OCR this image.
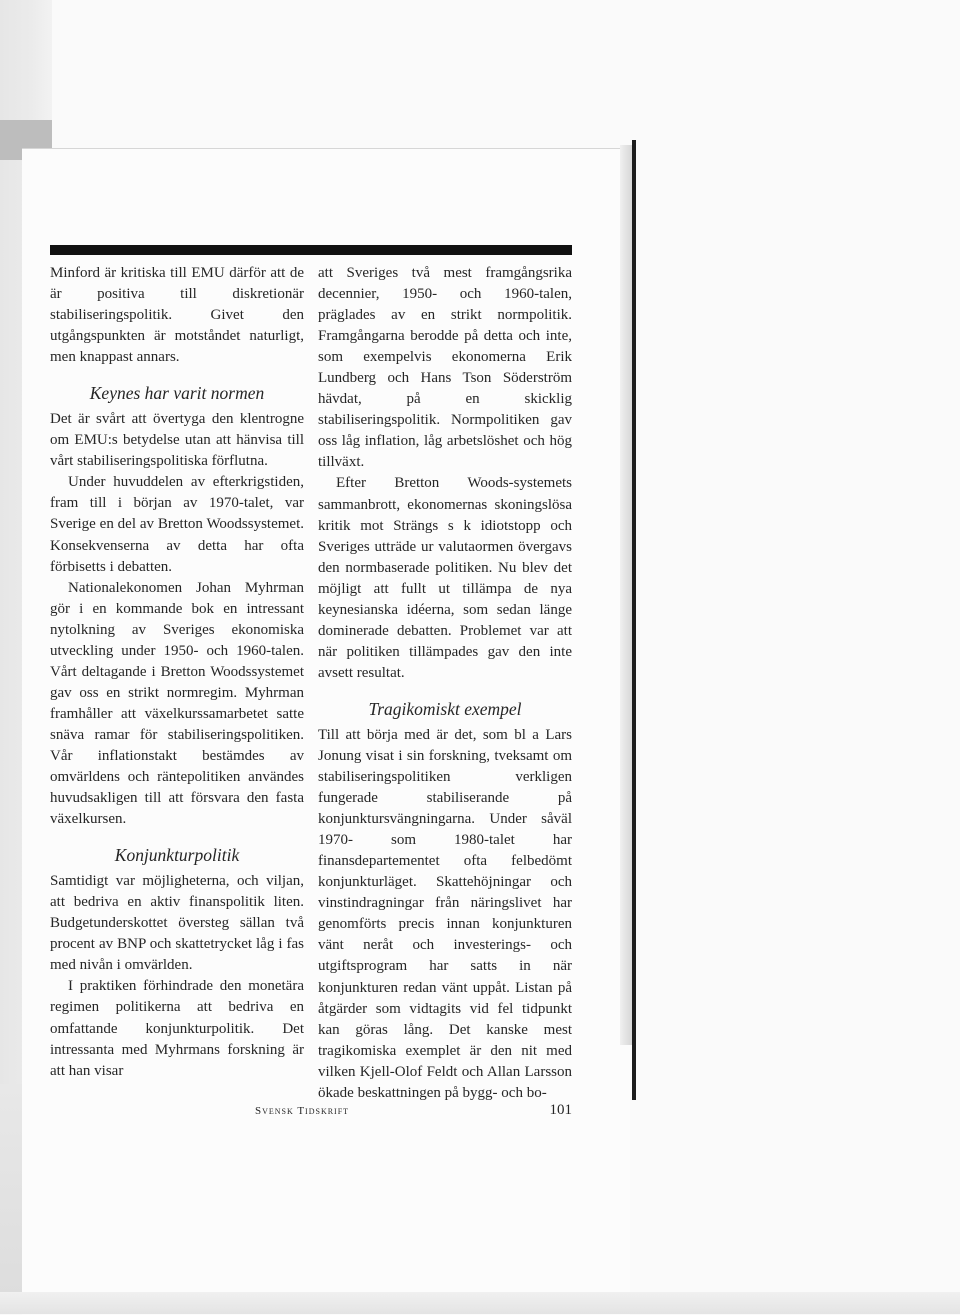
Minford är kritiska till EMU därför att de är positiva till diskretionär stabiliseringspolitik. Givet den utgångspunkten är motståndet naturligt, men knappast annars.

Keynes har varit normen

Det är svårt att övertyga den klentrogne om EMU:s betydelse utan att hänvisa till vårt stabiliseringspolitiska förflutna.

Under huvuddelen av efterkrigstiden, fram till i början av 1970-talet, var Sverige en del av Bretton Woodssystemet. Konsekvenserna av detta har ofta förbisetts i debatten.

Nationalekonomen Johan Myhrman gör i en kommande bok en intressant nytolkning av Sveriges ekonomiska utveckling under 1950- och 1960-talen. Vårt deltagande i Bretton Woodssystemet gav oss en strikt normregim. Myhrman framhåller att växelkurssamarbetet satte snäva ramar för stabiliseringspolitiken. Vår inflationstakt bestämdes av omvärldens och räntepolitiken användes huvudsakligen till att försvara den fasta växelkursen.

Konjunkturpolitik

Samtidigt var möjligheterna, och viljan, att bedriva en aktiv finanspolitik liten. Budgetunderskottet översteg sällan två procent av BNP och skattetrycket låg i fas med nivån i omvärlden.

I praktiken förhindrade den monetära regimen politikerna att bedriva en omfattande konjunkturpolitik. Det intressanta med Myhrmans forskning är att han visar

att Sveriges två mest framgångsrika decennier, 1950- och 1960-talen, präglades av en strikt normpolitik. Framgångarna berodde på detta och inte, som exempelvis ekonomerna Erik Lundberg och Hans Tson Söderström hävdat, på en skicklig stabiliseringspolitik. Normpolitiken gav oss låg inflation, låg arbetslöshet och hög tillväxt.

Efter Bretton Woods-systemets sammanbrott, ekonomernas skoningslösa kritik mot Strängs s k idiotstopp och Sveriges utträde ur valutaormen övergavs den normbaserade politiken. Nu blev det möjligt att fullt ut tillämpa de nya keynesianska idéerna, som sedan länge dominerade debatten. Problemet var att när politiken tillämpades gav den inte avsett resultat.

Tragikomiskt exempel

Till att börja med är det, som bl a Lars Jonung visat i sin forskning, tveksamt om stabiliseringspolitiken verkligen fungerade stabiliserande på konjunktursvängningarna. Under såväl 1970- som 1980-talet har finansdepartementet ofta felbedömt konjunkturläget. Skattehöjningar och vinstindragningar från näringslivet har genomförts precis innan konjunkturen vänt neråt och investerings- och utgiftsprogram har satts in när konjunkturen redan vänt uppåt. Listan på åtgärder som vidtagits vid fel tidpunkt kan göras lång. Det kanske mest tragikomiska exemplet är den nit med vilken Kjell-Olof Feldt och Allan Larsson ökade beskattningen på bygg- och bo-

Svensk Tidskrift	101
